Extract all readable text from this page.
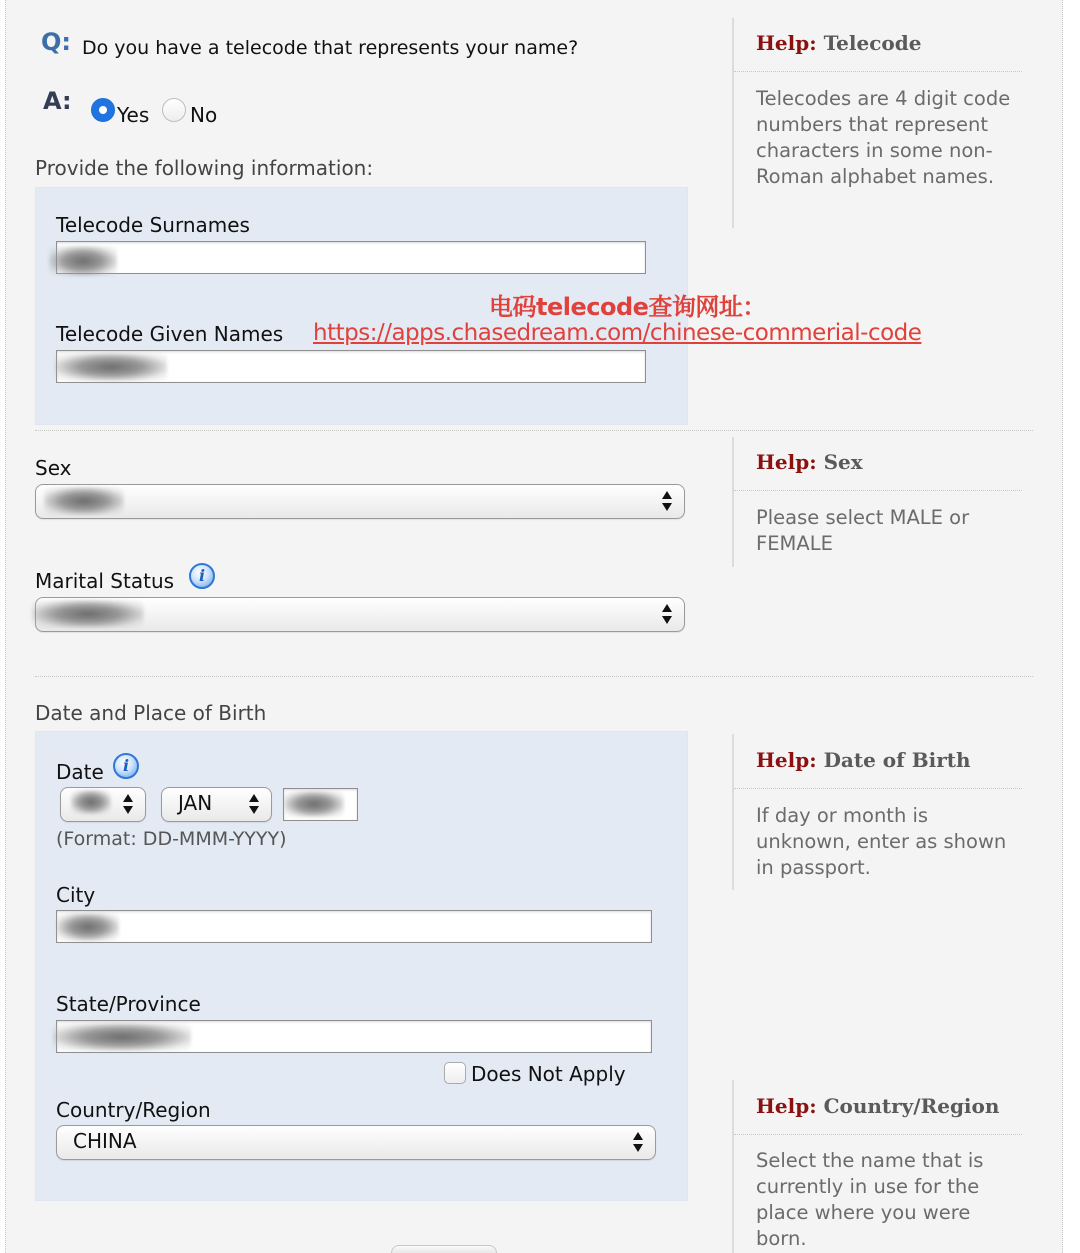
Q: Do you have a telecode that represents your name?
A: Yes No
Provide the following information:
Telecode Surnames
Telecode Given Names
电码telecode查询网址：
https://apps.chasedream.com/chinese-commerial-code
Help: Telecode
Telecodes are 4 digit code numbers that represent characters in some non-Roman alphabet names.
Sex
Marital Status	i
Help: Sex
Please select MALE or FEMALE
Date and Place of Birth
Date	i
JAN
(Format: DD-MMM-YYYY)
City
State/Province
Does Not Apply
Country/Region
CHINA
Help: Date of Birth
If day or month is unknown, enter as shown in passport.
Help: Country/Region
Select the name that is currently in use for the place where you were born.
